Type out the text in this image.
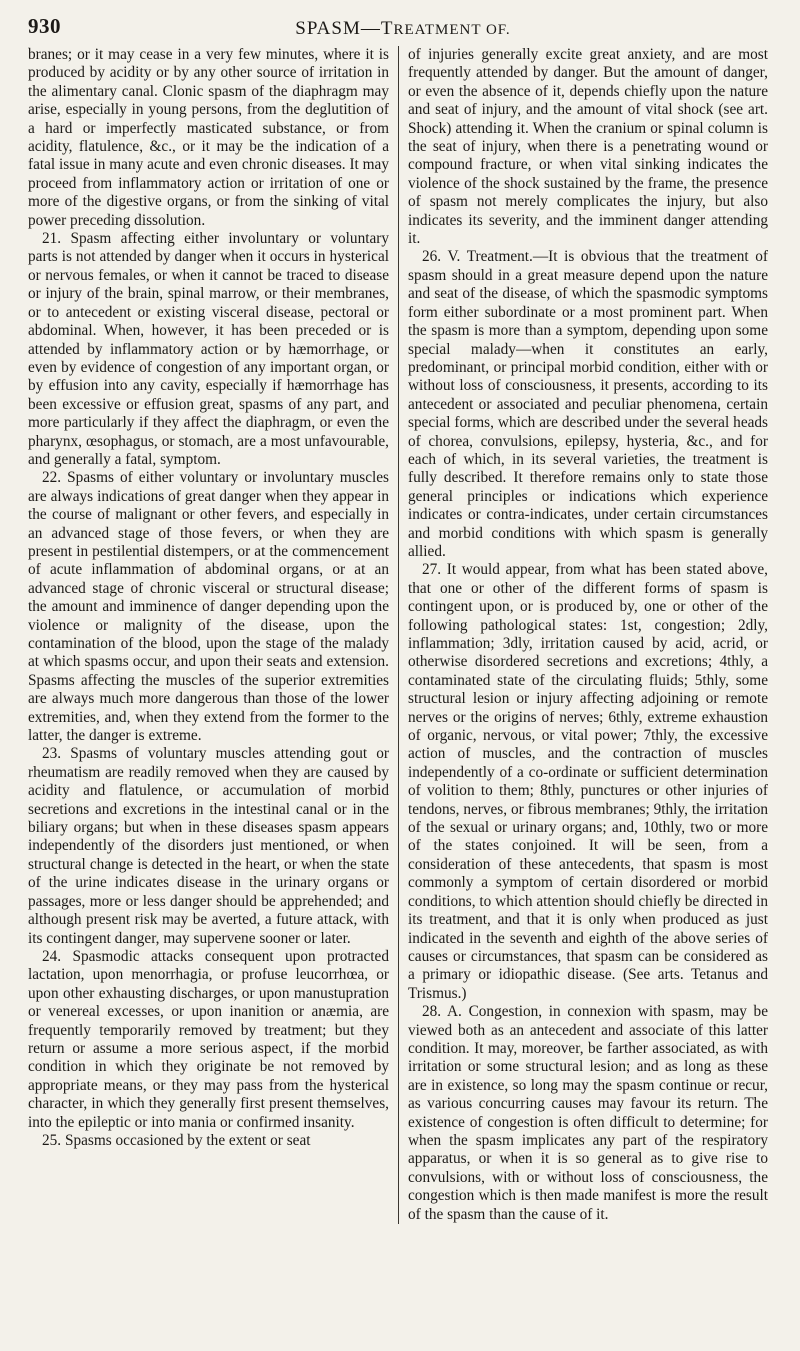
930	SPASM—TREATMENT OF.

branes; or it may cease in a very few minutes, where it is produced by acidity or by any other source of irritation in the alimentary canal. Clonic spasm of the diaphragm may arise, especially in young persons, from the deglutition of a hard or imperfectly masticated substance, or from acidity, flatulence, &c., or it may be the indication of a fatal issue in many acute and even chronic diseases. It may proceed from inflammatory action or irritation of one or more of the digestive organs, or from the sinking of vital power preceding dissolution.

21. Spasm affecting either involuntary or voluntary parts is not attended by danger when it occurs in hysterical or nervous females, or when it cannot be traced to disease or injury of the brain, spinal marrow, or their membranes, or to antecedent or existing visceral disease, pectoral or abdominal. When, however, it has been preceded or is attended by inflammatory action or by hæmorrhage, or even by evidence of congestion of any important organ, or by effusion into any cavity, especially if hæmorrhage has been excessive or effusion great, spasms of any part, and more particularly if they affect the diaphragm, or even the pharynx, œsophagus, or stomach, are a most unfavourable, and generally a fatal, symptom.

22. Spasms of either voluntary or involuntary muscles are always indications of great danger when they appear in the course of malignant or other fevers, and especially in an advanced stage of those fevers, or when they are present in pestilential distempers, or at the commencement of acute inflammation of abdominal organs, or at an advanced stage of chronic visceral or structural disease; the amount and imminence of danger depending upon the violence or malignity of the disease, upon the contamination of the blood, upon the stage of the malady at which spasms occur, and upon their seats and extension. Spasms affecting the muscles of the superior extremities are always much more dangerous than those of the lower extremities, and, when they extend from the former to the latter, the danger is extreme.

23. Spasms of voluntary muscles attending gout or rheumatism are readily removed when they are caused by acidity and flatulence, or accumulation of morbid secretions and excretions in the intestinal canal or in the biliary organs; but when in these diseases spasm appears independently of the disorders just mentioned, or when structural change is detected in the heart, or when the state of the urine indicates disease in the urinary organs or passages, more or less danger should be apprehended; and although present risk may be averted, a future attack, with its contingent danger, may supervene sooner or later.

24. Spasmodic attacks consequent upon protracted lactation, upon menorrhagia, or profuse leucorrhœa, or upon other exhausting discharges, or upon manustupration or venereal excesses, or upon inanition or anæmia, are frequently temporarily removed by treatment; but they return or assume a more serious aspect, if the morbid condition in which they originate be not removed by appropriate means, or they may pass from the hysterical character, in which they generally first present themselves, into the epileptic or into mania or confirmed insanity.

25. Spasms occasioned by the extent or seat

of injuries generally excite great anxiety, and are most frequently attended by danger. But the amount of danger, or even the absence of it, depends chiefly upon the nature and seat of injury, and the amount of vital shock (see art. Shock) attending it. When the cranium or spinal column is the seat of injury, when there is a penetrating wound or compound fracture, or when vital sinking indicates the violence of the shock sustained by the frame, the presence of spasm not merely complicates the injury, but also indicates its severity, and the imminent danger attending it.

26. V. Treatment.—It is obvious that the treatment of spasm should in a great measure depend upon the nature and seat of the disease, of which the spasmodic symptoms form either subordinate or a most prominent part. When the spasm is more than a symptom, depending upon some special malady—when it constitutes an early, predominant, or principal morbid condition, either with or without loss of consciousness, it presents, according to its antecedent or associated and peculiar phenomena, certain special forms, which are described under the several heads of chorea, convulsions, epilepsy, hysteria, &c., and for each of which, in its several varieties, the treatment is fully described. It therefore remains only to state those general principles or indications which experience indicates or contra-indicates, under certain circumstances and morbid conditions with which spasm is generally allied.

27. It would appear, from what has been stated above, that one or other of the different forms of spasm is contingent upon, or is produced by, one or other of the following pathological states: 1st, congestion; 2dly, inflammation; 3dly, irritation caused by acid, acrid, or otherwise disordered secretions and excretions; 4thly, a contaminated state of the circulating fluids; 5thly, some structural lesion or injury affecting adjoining or remote nerves or the origins of nerves; 6thly, extreme exhaustion of organic, nervous, or vital power; 7thly, the excessive action of muscles, and the contraction of muscles independently of a co-ordinate or sufficient determination of volition to them; 8thly, punctures or other injuries of tendons, nerves, or fibrous membranes; 9thly, the irritation of the sexual or urinary organs; and, 10thly, two or more of the states conjoined. It will be seen, from a consideration of these antecedents, that spasm is most commonly a symptom of certain disordered or morbid conditions, to which attention should chiefly be directed in its treatment, and that it is only when produced as just indicated in the seventh and eighth of the above series of causes or circumstances, that spasm can be considered as a primary or idiopathic disease. (See arts. Tetanus and Trismus.)

28. A. Congestion, in connexion with spasm, may be viewed both as an antecedent and associate of this latter condition. It may, moreover, be farther associated, as with irritation or some structural lesion; and as long as these are in existence, so long may the spasm continue or recur, as various concurring causes may favour its return. The existence of congestion is often difficult to determine; for when the spasm implicates any part of the respiratory apparatus, or when it is so general as to give rise to convulsions, with or without loss of consciousness, the congestion which is then made manifest is more the result of the spasm than the cause of it.
